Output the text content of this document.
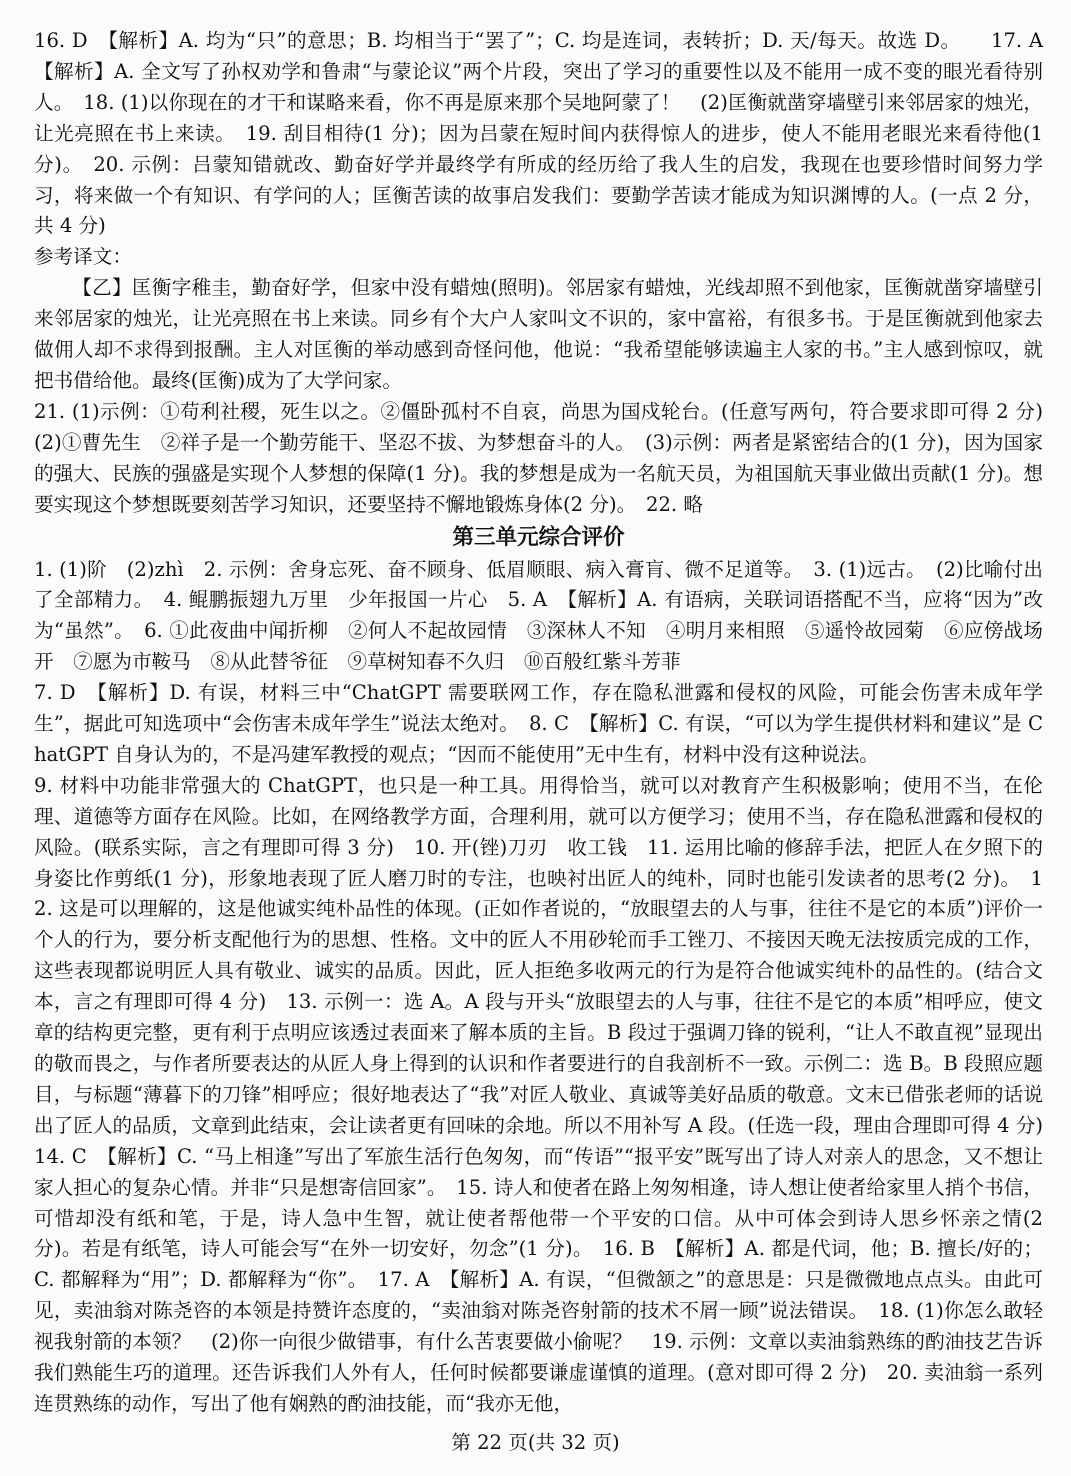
16. D　【解析】A. 均为“只”的意思；B. 均相当于“罢了”；C. 均是连词，表转折；D. 天/每天。故选 D。　　17. A　【解析】A. 全文写了孙权劝学和鲁肃“与蒙论议”两个片段，突出了学习的重要性以及不能用一成不变的眼光看待别人。　18. (1)以你现在的才干和谋略来看，你不再是原来那个吴地阿蒙了！　(2)匡衡就凿穿墙壁引来邻居家的烛光，让光亮照在书上来读。　19. 刮目相待(1 分)；因为吕蒙在短时间内获得惊人的进步，使人不能用老眼光来看待他(1 分)。　20. 示例：吕蒙知错就改、勤奋好学并最终学有所成的经历给了我人生的启发，我现在也要珍惜时间努力学习，将来做一个有知识、有学问的人；匡衡苦读的故事启发我们：要勤学苦读才能成为知识渊博的人。(一点 2 分，共 4 分)

参考译文：

【乙】匡衡字稚圭，勤奋好学，但家中没有蜡烛(照明)。邻居家有蜡烛，光线却照不到他家，匡衡就凿穿墙壁引来邻居家的烛光，让光亮照在书上来读。同乡有个大户人家叫文不识的，家中富裕，有很多书。于是匡衡就到他家去做佣人却不求得到报酬。主人对匡衡的举动感到奇怪问他，他说：“我希望能够读遍主人家的书。”主人感到惊叹，就把书借给他。最终(匡衡)成为了大学问家。

21. (1)示例：①苟利社稷，死生以之。②僵卧孤村不自哀，尚思为国戍轮台。(任意写两句，符合要求即可得 2 分)(2)①曹先生　②祥子是一个勤劳能干、坚忍不拔、为梦想奋斗的人。　(3)示例：两者是紧密结合的(1 分)，因为国家的强大、民族的强盛是实现个人梦想的保障(1 分)。我的梦想是成为一名航天员，为祖国航天事业做出贡献(1 分)。想要实现这个梦想既要刻苦学习知识，还要坚持不懈地锻炼身体(2 分)。　22. 略

第三单元综合评价

1. (1)阶　(2)zhì　2. 示例：舍身忘死、奋不顾身、低眉顺眼、病入膏肓、微不足道等。　3. (1)远古。　(2)比喻付出了全部精力。　4. 鲲鹏振翅九万里　少年报国一片心　5. A　【解析】A. 有语病，关联词语搭配不当，应将“因为”改为“虽然”。　6. ①此夜曲中闻折柳　②何人不起故园情　③深林人不知　④明月来相照　⑤遥怜故园菊　⑥应傍战场开　⑦愿为市鞍马　⑧从此替爷征　⑨草树知春不久归　⑩百般红紫斗芳菲

7. D　【解析】D. 有误，材料三中“ChatGPT 需要联网工作，存在隐私泄露和侵权的风险，可能会伤害未成年学生”，据此可知选项中“会伤害未成年学生”说法太绝对。　8. C　【解析】C. 有误，“可以为学生提供材料和建议”是 ChatGPT 自身认为的，不是冯建军教授的观点；“因而不能使用”无中生有，材料中没有这种说法。

9. 材料中功能非常强大的 ChatGPT，也只是一种工具。用得恰当，就可以对教育产生积极影响；使用不当，在伦理、道德等方面存在风险。比如，在网络教学方面，合理利用，就可以方便学习；使用不当，存在隐私泄露和侵权的风险。(联系实际，言之有理即可得 3 分)　10. 开(锉)刀刃　收工钱　11. 运用比喻的修辞手法，把匠人在夕照下的身姿比作剪纸(1 分)，形象地表现了匠人磨刀时的专注，也映衬出匠人的纯朴，同时也能引发读者的思考(2 分)。　12. 这是可以理解的，这是他诚实纯朴品性的体现。(正如作者说的，“放眼望去的人与事，往往不是它的本质”)评价一个人的行为，要分析支配他行为的思想、性格。文中的匠人不用砂轮而手工锉刀、不接因天晚无法按质完成的工作，这些表现都说明匠人具有敬业、诚实的品质。因此，匠人拒绝多收两元的行为是符合他诚实纯朴的品性的。(结合文本，言之有理即可得 4 分)　13. 示例一：选 A。A 段与开头“放眼望去的人与事，往往不是它的本质”相呼应，使文章的结构更完整，更有利于点明应该透过表面来了解本质的主旨。B 段过于强调刀锋的锐利，“让人不敢直视”显现出的敬而畏之，与作者所要表达的从匠人身上得到的认识和作者要进行的自我剖析不一致。示例二：选 B。B 段照应题目，与标题“薄暮下的刀锋”相呼应；很好地表达了“我”对匠人敬业、真诚等美好品质的敬意。文末已借张老师的话说出了匠人的品质，文章到此结束，会让读者更有回味的余地。所以不用补写 A 段。(任选一段，理由合理即可得 4 分)　14. C　【解析】C. “马上相逢”写出了军旅生活行色匆匆，而“传语”“报平安”既写出了诗人对亲人的思念，又不想让家人担心的复杂心情。并非“只是想寄信回家”。　15. 诗人和使者在路上匆匆相逢，诗人想让使者给家里人捎个书信，可惜却没有纸和笔，于是，诗人急中生智，就让使者帮他带一个平安的口信。从中可体会到诗人思乡怀亲之情(2 分)。若是有纸笔，诗人可能会写“在外一切安好，勿念”(1 分)。　16. B　【解析】A. 都是代词，他；B. 擅长/好的；C. 都解释为“用”；D. 都解释为“你”。　17. A　【解析】A. 有误，“但微颔之”的意思是：只是微微地点点头。由此可见，卖油翁对陈尧咨的本领是持赞许态度的，“卖油翁对陈尧咨射箭的技术不屑一顾”说法错误。　18. (1)你怎么敢轻视我射箭的本领？　(2)你一向很少做错事，有什么苦衷要做小偷呢？　19. 示例：文章以卖油翁熟练的酌油技艺告诉我们熟能生巧的道理。还告诉我们人外有人，任何时候都要谦虚谨慎的道理。(意对即可得 2 分)　20. 卖油翁一系列连贯熟练的动作，写出了他有娴熟的酌油技能，而“我亦无他，

第 22 页(共 32 页)
